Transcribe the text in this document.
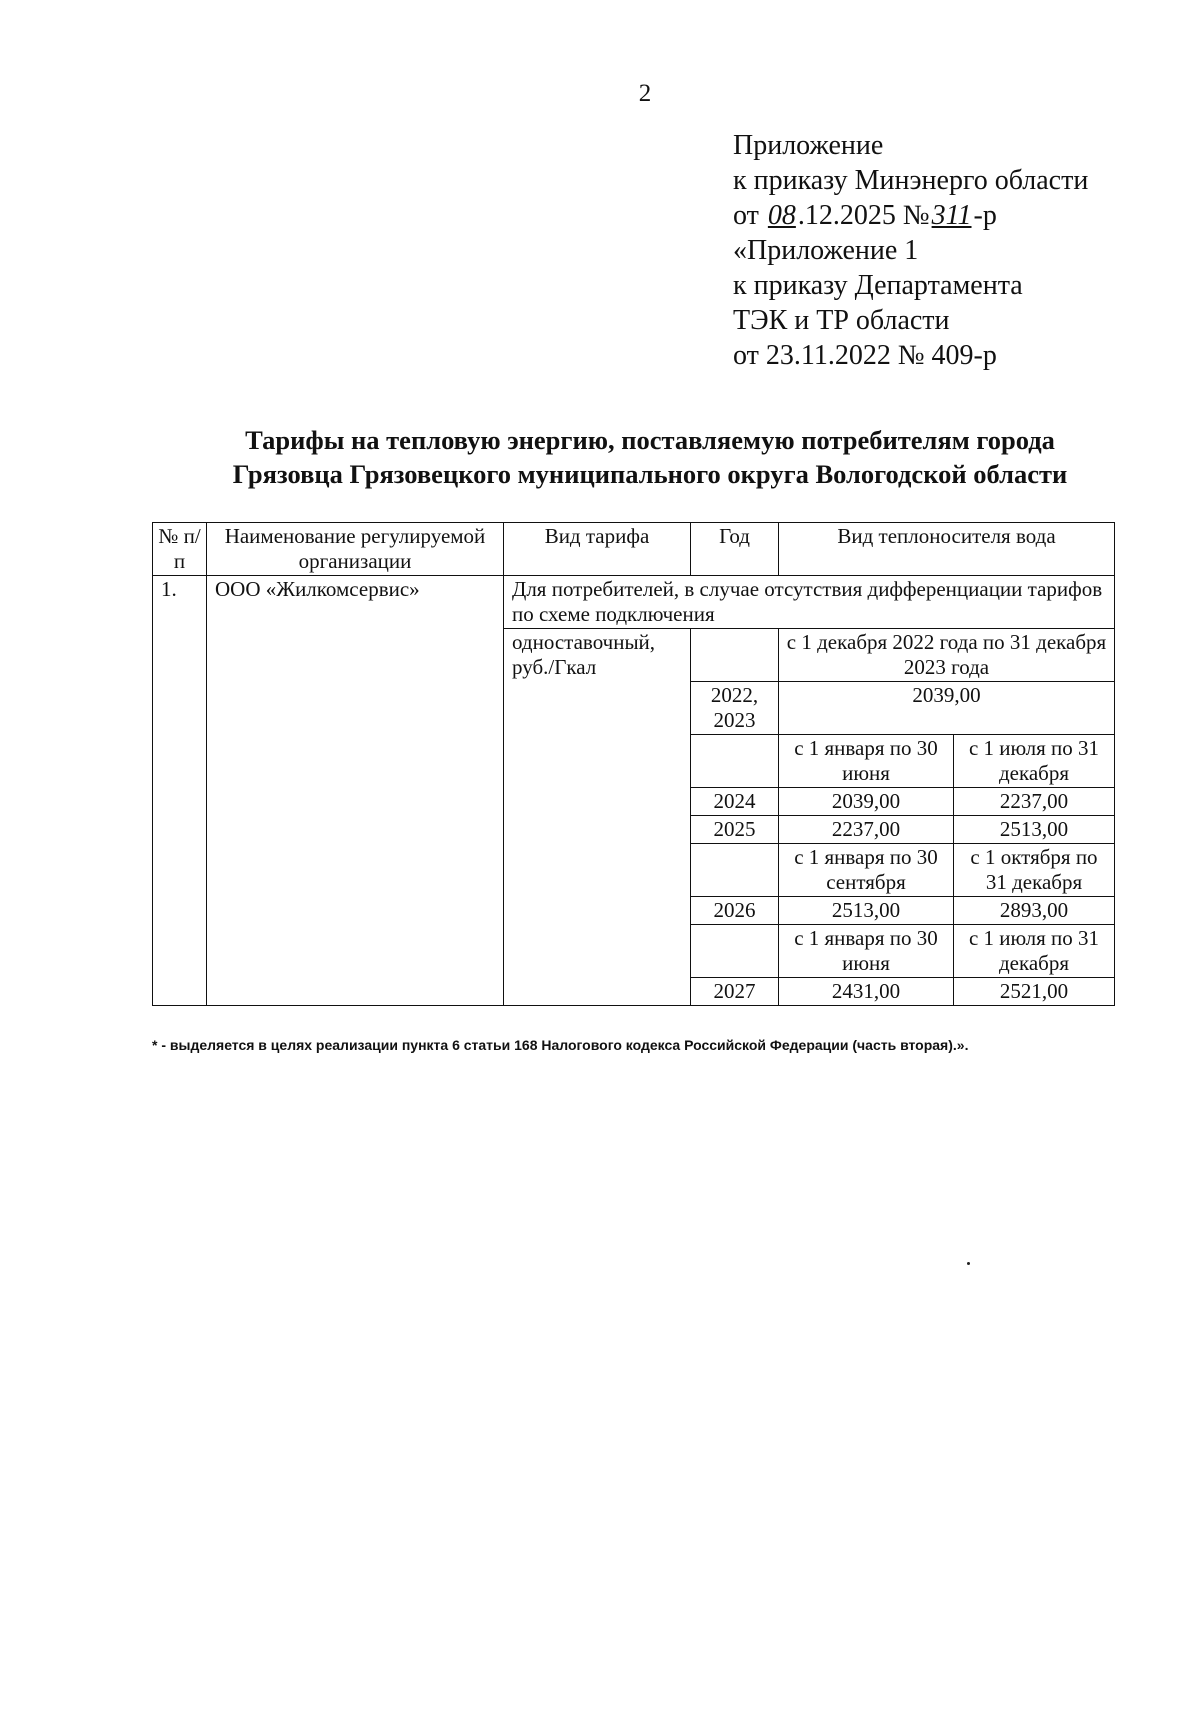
2
Приложение
к приказу Минэнерго области
от 08.12.2025 №311-р
«Приложение 1
к приказу Департамента
ТЭК и ТР области
от 23.11.2022 № 409-р
Тарифы на тепловую энергию, поставляемую потребителям города
Грязовца Грязовецкого муниципального округа Вологодской области
№ п/п	Наименование регулируемой организации	Вид тарифа	Год	Вид теплоносителя вода	
1.	ООО «Жилкомсервис»	Для потребителей, в случае отсутствия дифференциации тарифов по схеме подключения			
		одноставочный, руб./Гкал		с 1 декабря 2022 года по 31 декабря 2023 года	
			2022, 2023	2039,00	
				с 1 января по 30 июня	с 1 июля по 31 декабря
			2024	2039,00	2237,00
			2025	2237,00	2513,00
				с 1 января по 30 сентября	с 1 октября по 31 декабря
			2026	2513,00	2893,00
				с 1 января по 30 июня	с 1 июля по 31 декабря
			2027	2431,00	2521,00
* - выделяется в целях реализации пункта 6 статьи 168 Налогового кодекса Российской Федерации (часть вторая).».
